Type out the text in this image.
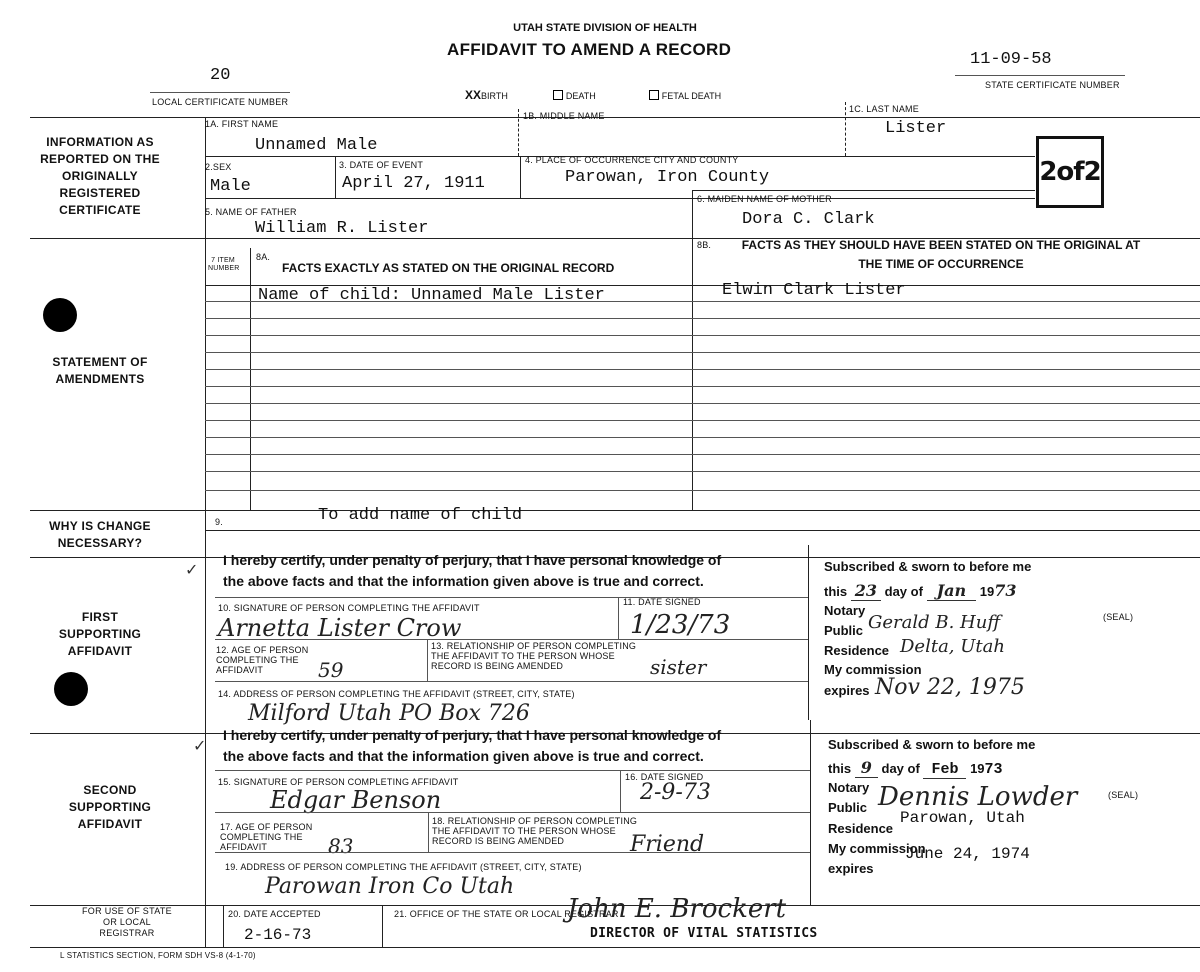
UTAH STATE DIVISION OF HEALTH
AFFIDAVIT TO AMEND A RECORD
20
LOCAL CERTIFICATE NUMBER	XXBIRTH	DEATH	FETAL DEATH
11-09-58
STATE CERTIFICATE NUMBER
INFORMATION AS REPORTED ON THE ORIGINALLY REGISTERED CERTIFICATE
1A. FIRST NAME
Unnamed Male
1B. MIDDLE NAME
1C. LAST NAME
Lister
2of2
2.SEX
Male
3. DATE OF EVENT
April 27, 1911
4. PLACE OF OCCURRENCE CITY AND COUNTY
Parowan, Iron County
5. NAME OF FATHER
William R. Lister
6. MAIDEN NAME OF MOTHER
Dora C. Clark
STATEMENT OF AMENDMENTS
7 ITEM NUMBER
8A.
FACTS EXACTLY AS STATED ON THE ORIGINAL RECORD
8B.	FACTS AS THEY SHOULD HAVE BEEN STATED ON THE ORIGINAL AT THE TIME OF OCCURRENCE
Name of child: Unnamed Male Lister	Elwin Clark Lister
WHY IS CHANGE NECESSARY?
9.	To add name of child
FIRST SUPPORTING AFFIDAVIT
✓
I hereby certify, under penalty of perjury, that I have personal knowledge of the above facts and that the information given above is true and correct.
10. SIGNATURE OF PERSON COMPLETING THE AFFIDAVIT
Arnetta Lister Crow
11. DATE SIGNED
1/23/73
12. AGE OF PERSON COMPLETING THE AFFIDAVIT	59
13. RELATIONSHIP OF PERSON COMPLETING THE AFFIDAVIT TO THE PERSON WHOSE RECORD IS BEING AMENDED	sister
14. ADDRESS OF PERSON COMPLETING THE AFFIDAVIT (STREET, CITY, STATE)
Milford Utah PO Box 726
Subscribed & sworn to before me
this 23 day of Jan 1973
Notary
Public Gerald B. Huff	(SEAL)
Residence Delta, Utah
My commission
expires Nov 22, 1975
SECOND SUPPORTING AFFIDAVIT
✓
I hereby certify, under penalty of perjury, that I have personal knowledge of the above facts and that the information given above is true and correct.
15. SIGNATURE OF PERSON COMPLETING AFFIDAVIT
Edgar Benson
16. DATE SIGNED
2-9-73
17. AGE OF PERSON COMPLETING THE AFFIDAVIT	83
18. RELATIONSHIP OF PERSON COMPLETING THE AFFIDAVIT TO THE PERSON WHOSE RECORD IS BEING AMENDED	Friend
19. ADDRESS OF PERSON COMPLETING THE AFFIDAVIT (STREET, CITY, STATE)
Parowan Iron Co Utah
Subscribed & sworn to before me
this 9 day of Feb 1973
Notary
Public Dennis Lowder	(SEAL)
Residence
Parowan, Utah
My commission
expires
June 24, 1974
FOR USE OF STATE OR LOCAL REGISTRAR
20. DATE ACCEPTED
2-16-73
21. OFFICE OF THE STATE OR LOCAL REGISTRAR
John E. Brockert
DIRECTOR OF VITAL STATISTICS
L STATISTICS SECTION, FORM SDH VS-8 (4-1-70)
